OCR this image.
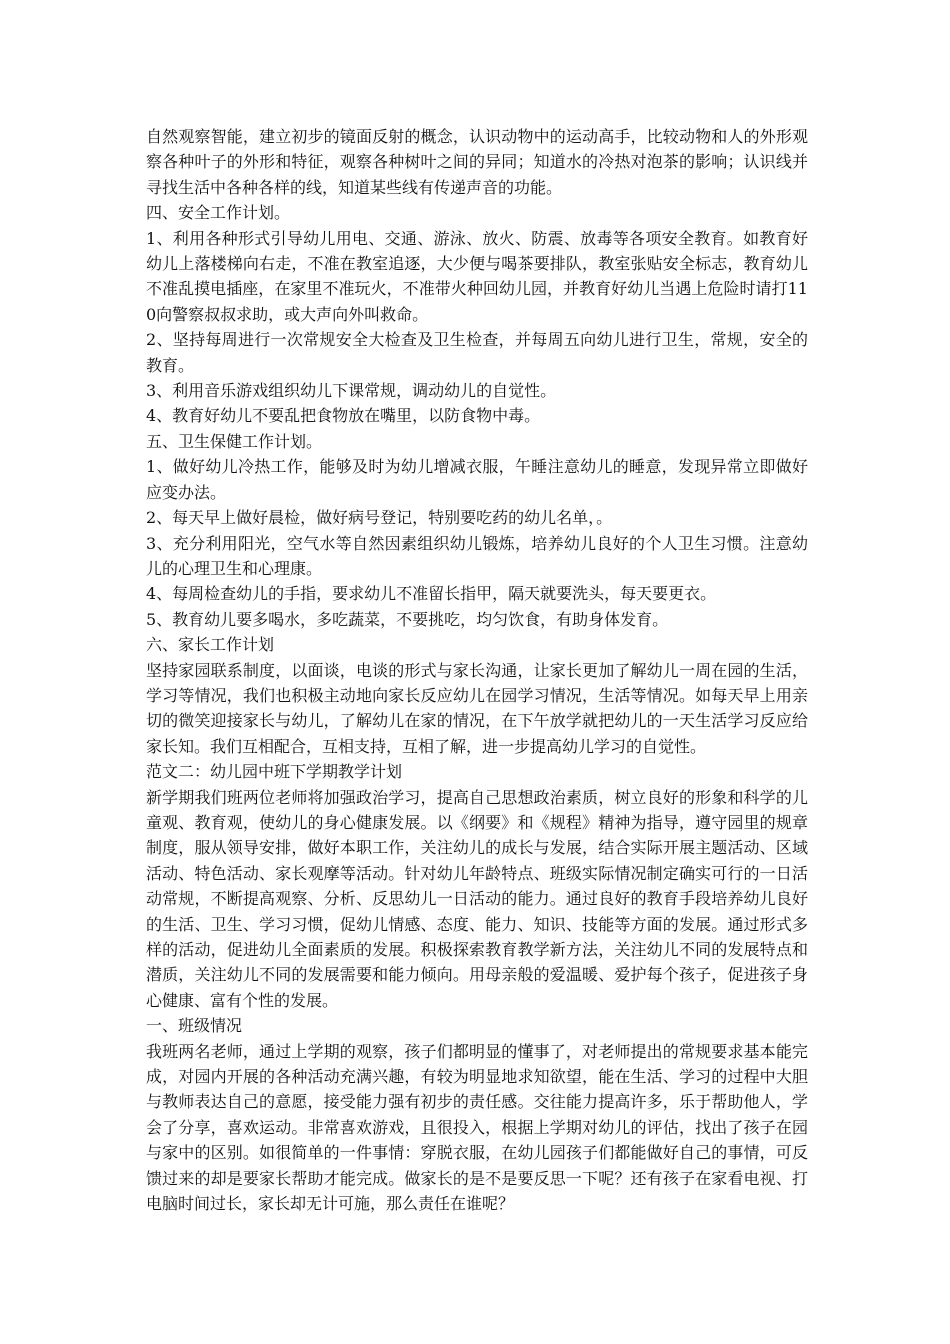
自然观察智能，建立初步的镜面反射的概念，认识动物中的运动高手，比较动物和人的外形观察各种叶子的外形和特征，观察各种树叶之间的异同；知道水的冷热对泡茶的影响；认识线并寻找生活中各种各样的线，知道某些线有传递声音的功能。

四、安全工作计划。

1、利用各种形式引导幼儿用电、交通、游泳、放火、防震、放毒等各项安全教育。如教育好幼儿上落楼梯向右走，不准在教室追逐，大少便与喝茶要排队，教室张贴安全标志，教育幼儿不准乱摸电插座，在家里不准玩火，不准带火种回幼儿园，并教育好幼儿当遇上危险时请打110向警察叔叔求助，或大声向外叫救命。

2、坚持每周进行一次常规安全大检查及卫生检查，并每周五向幼儿进行卫生，常规，安全的教育。

3、利用音乐游戏组织幼儿下课常规，调动幼儿的自觉性。

4、教育好幼儿不要乱把食物放在嘴里，以防食物中毒。

五、卫生保健工作计划。

1、做好幼儿冷热工作，能够及时为幼儿增减衣服，午睡注意幼儿的睡意，发现异常立即做好应变办法。

2、每天早上做好晨检，做好病号登记，特别要吃药的幼儿名单，。

3、充分利用阳光，空气水等自然因素组织幼儿锻炼，培养幼儿良好的个人卫生习惯。注意幼儿的心理卫生和心理康。

4、每周检查幼儿的手指，要求幼儿不准留长指甲，隔天就要洗头，每天要更衣。

5、教育幼儿要多喝水，多吃蔬菜，不要挑吃，均匀饮食，有助身体发育。

六、家长工作计划

坚持家园联系制度，以面谈，电谈的形式与家长沟通，让家长更加了解幼儿一周在园的生活，学习等情况，我们也积极主动地向家长反应幼儿在园学习情况，生活等情况。如每天早上用亲切的微笑迎接家长与幼儿，了解幼儿在家的情况，在下午放学就把幼儿的一天生活学习反应给家长知。我们互相配合，互相支持，互相了解，进一步提高幼儿学习的自觉性。

范文二：幼儿园中班下学期教学计划

新学期我们班两位老师将加强政治学习，提高自己思想政治素质，树立良好的形象和科学的儿童观、教育观，使幼儿的身心健康发展。以《纲要》和《规程》精神为指导，遵守园里的规章制度，服从领导安排，做好本职工作，关注幼儿的成长与发展，结合实际开展主题活动、区域活动、特色活动、家长观摩等活动。针对幼儿年龄特点、班级实际情况制定确实可行的一日活动常规，不断提高观察、分析、反思幼儿一日活动的能力。通过良好的教育手段培养幼儿良好的生活、卫生、学习习惯，促幼儿情感、态度、能力、知识、技能等方面的发展。通过形式多样的活动，促进幼儿全面素质的发展。积极探索教育教学新方法，关注幼儿不同的发展特点和潜质，关注幼儿不同的发展需要和能力倾向。用母亲般的爱温暖、爱护每个孩子，促进孩子身心健康、富有个性的发展。

一、班级情况

我班两名老师，通过上学期的观察，孩子们都明显的懂事了，对老师提出的常规要求基本能完成，对园内开展的各种活动充满兴趣，有较为明显地求知欲望，能在生活、学习的过程中大胆与教师表达自己的意愿，接受能力强有初步的责任感。交往能力提高许多，乐于帮助他人，学会了分享，喜欢运动。非常喜欢游戏，且很投入，根据上学期对幼儿的评估，找出了孩子在园与家中的区别。如很简单的一件事情：穿脱衣服，在幼儿园孩子们都能做好自己的事情，可反馈过来的却是要家长帮助才能完成。做家长的是不是要反思一下呢？还有孩子在家看电视、打电脑时间过长，家长却无计可施，那么责任在谁呢？
